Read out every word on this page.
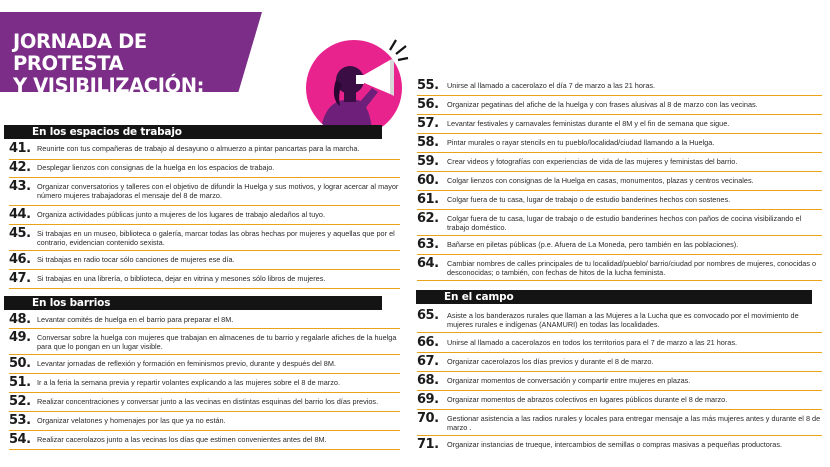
JORNADA DE PROTESTA
Y VISIBILIZACIÓN:
En los espacios de trabajo
41. Reunirte con tus compañeras de trabajo al desayuno o almuerzo a pintar pancartas para la marcha.
42. Desplegar lienzos con consignas de la huelga en los espacios de trabajo.
43. Organizar conversatorios y talleres con el objetivo de difundir la Huelga y sus motivos, y lograr acercar al mayor número mujeres trabajadoras el mensaje del 8 de marzo.
44. Organiza actividades públicas junto a mujeres de los lugares de trabajo aledaños al tuyo.
45. Si trabajas en un museo, biblioteca o galería, marcar todas las obras hechas por mujeres y aquellas que por el contrario, evidencian contenido sexista.
46. Si trabajas en radio tocar sólo canciones de mujeres ese día.
47. Si trabajas en una librería, o biblioteca, dejar en vitrina y mesones sólo libros de mujeres.
En los barrios
48. Levantar comités de huelga en el barrio para preparar el 8M.
49. Conversar sobre la huelga con mujeres que trabajan en almacenes de tu barrio y regalarle afiches de la huelga para que lo pongan en un lugar visible.
50. Levantar jornadas de reflexión y formación en feminismos previo, durante y después del 8M.
51. Ir a la feria la semana previa y repartir volantes explicando a las mujeres sobre el 8 de marzo.
52. Realizar concentraciones y conversar junto a las vecinas en distintas esquinas del barrio los días previos.
53. Organizar velatones y homenajes por las que ya no están.
54. Realizar cacerolazos junto a las vecinas los días que estimen convenientes antes del 8M.
55.	Unirse al llamado a cacerolazo el día 7 de marzo a las 21 horas.
56.	Organizar pegatinas del afiche de la huelga y con frases alusivas al 8 de marzo con las vecinas.
57.	Levantar festivales y carnavales feministas durante el 8M y el fin de semana que sigue.
58.	Pintar murales o rayar stencils en tu pueblo/localidad/ciudad llamando a la Huelga.
59.	Crear videos y fotografías con experiencias de vida de las mujeres y feministas del barrio.
60.	Colgar lienzos con consignas de la Huelga en casas, monumentos, plazas y centros vecinales.
61.	Colgar fuera de tu casa, lugar de trabajo o de estudio banderines hechos con sostenes.
62.	Colgar fuera de tu casa, lugar de trabajo o de estudio banderines hechos con paños de cocina visibilizando el trabajo doméstico.
63.	Bañarse en piletas públicas (p.e. Afuera de La Moneda, pero también en las poblaciones).
64.	Cambiar nombres de calles principales de tu localidad/pueblo/ barrio/ciudad por nombres de mujeres, conocidas o desconocidas; o también, con fechas de hitos de la lucha feminista.
En el campo
65.	Asiste a los banderazos rurales que llaman a las Mujeres a la Lucha que es convocado por el movimiento de mujeres rurales e indígenas (ANAMURI) en todas las localidades.
66.	Unirse al llamado a cacerolazos en todos los territorios para el 7 de marzo a las 21 horas.
67.	Organizar cacerolazos los días previos y durante el 8 de marzo.
68.	Organizar momentos de conversación y compartir entre mujeres en plazas.
69.	Organizar momentos de abrazos colectivos en lugares públicos durante el 8 de marzo.
70.	Gestionar asistencia a las radios rurales y locales para entregar mensaje a las más mujeres antes y durante el 8 de marzo .
71.	Organizar instancias de trueque, intercambios de semillas o compras masivas a pequeñas productoras.
